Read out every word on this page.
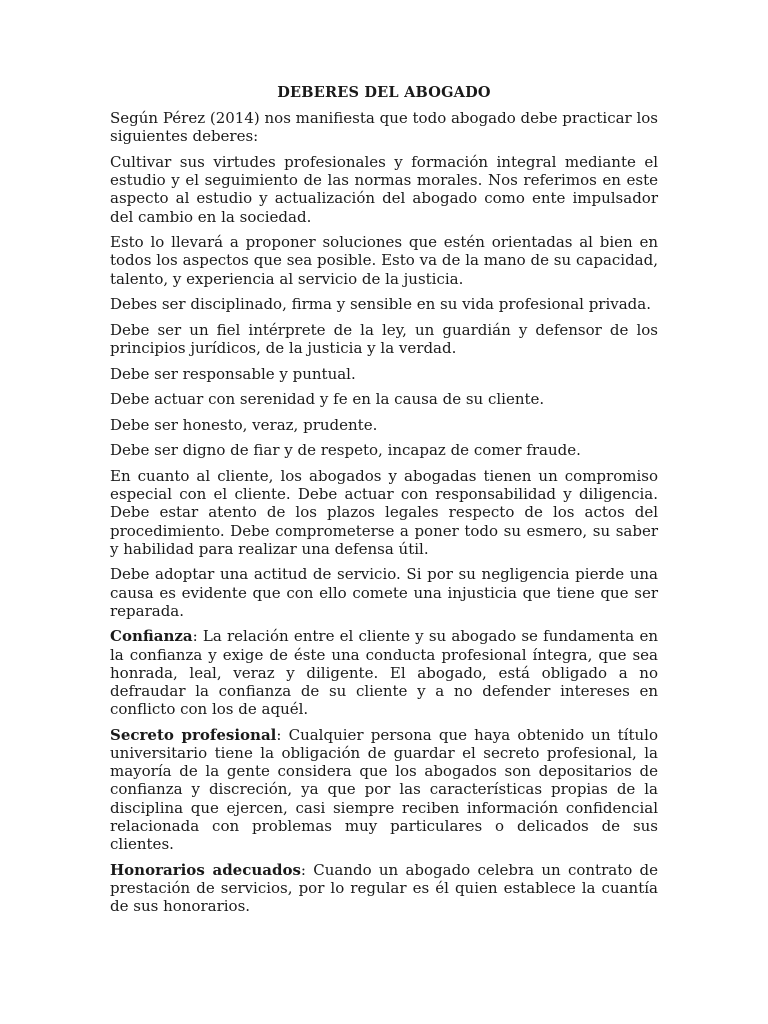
DEBERES DEL ABOGADO

Según Pérez (2014) nos manifiesta que todo abogado debe practicar los siguientes deberes:

Cultivar sus virtudes profesionales y formación integral mediante el estudio y el seguimiento de las normas morales. Nos referimos en este aspecto al estudio y actualización del abogado como ente impulsador del cambio en la sociedad.

Esto lo llevará a proponer soluciones que estén orientadas al bien en todos los aspectos que sea posible. Esto va de la mano de su capacidad, talento, y experiencia al servicio de la justicia.

Debes ser disciplinado, firma y sensible en su vida profesional privada.

Debe ser un fiel intérprete de la ley, un guardián y defensor de los principios jurídicos, de la justicia y la verdad.

Debe ser responsable y puntual.

Debe actuar con serenidad y fe en la causa de su cliente.

Debe ser honesto, veraz, prudente.

Debe ser digno de fiar y de respeto, incapaz de comer fraude.

En cuanto al cliente, los abogados y abogadas tienen un compromiso especial con el cliente. Debe actuar con responsabilidad y diligencia. Debe estar atento de los plazos legales respecto de los actos del procedimiento. Debe comprometerse a poner todo su esmero, su saber y habilidad para realizar una defensa útil.

Debe adoptar una actitud de servicio. Si por su negligencia pierde una causa es evidente que con ello comete una injusticia que tiene que ser reparada.

Confianza: La relación entre el cliente y su abogado se fundamenta en la confianza y exige de éste una conducta profesional íntegra, que sea honrada, leal, veraz y diligente. El abogado, está obligado a no defraudar la confianza de su cliente y a no defender intereses en conflicto con los de aquél.

Secreto profesional: Cualquier persona que haya obtenido un título universitario tiene la obligación de guardar el secreto profesional, la mayoría de la gente considera que los abogados son depositarios de confianza y discreción, ya que por las características propias de la disciplina que ejercen, casi siempre reciben información confidencial relacionada con problemas muy particulares o delicados de sus clientes.

Honorarios adecuados: Cuando un abogado celebra un contrato de prestación de servicios, por lo regular es él quien establece la cuantía de sus honorarios.
